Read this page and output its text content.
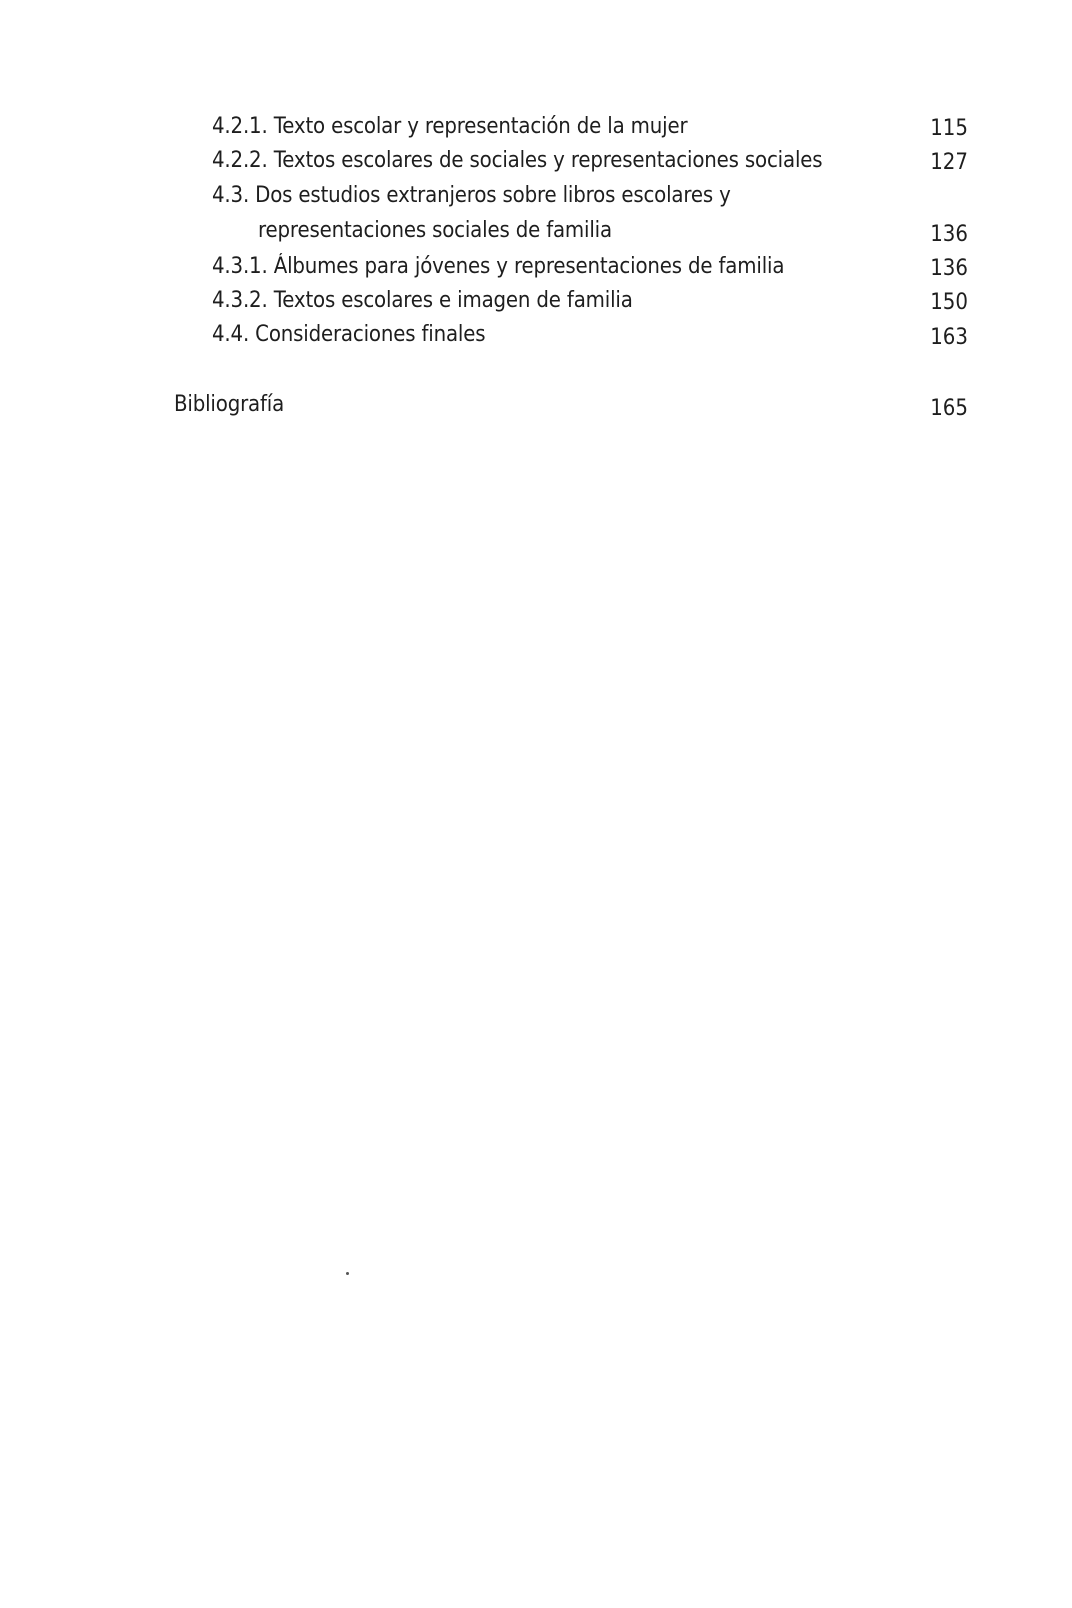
4.2.1. Texto escolar y representación de la mujer	115
4.2.2. Textos escolares de sociales y representaciones sociales	127
4.3. Dos estudios extranjeros sobre libros escolares y
representaciones sociales de familia	136
4.3.1. Álbumes para jóvenes y representaciones de familia	136
4.3.2. Textos escolares e imagen de familia	150
4.4. Consideraciones finales	163
Bibliografía	165
